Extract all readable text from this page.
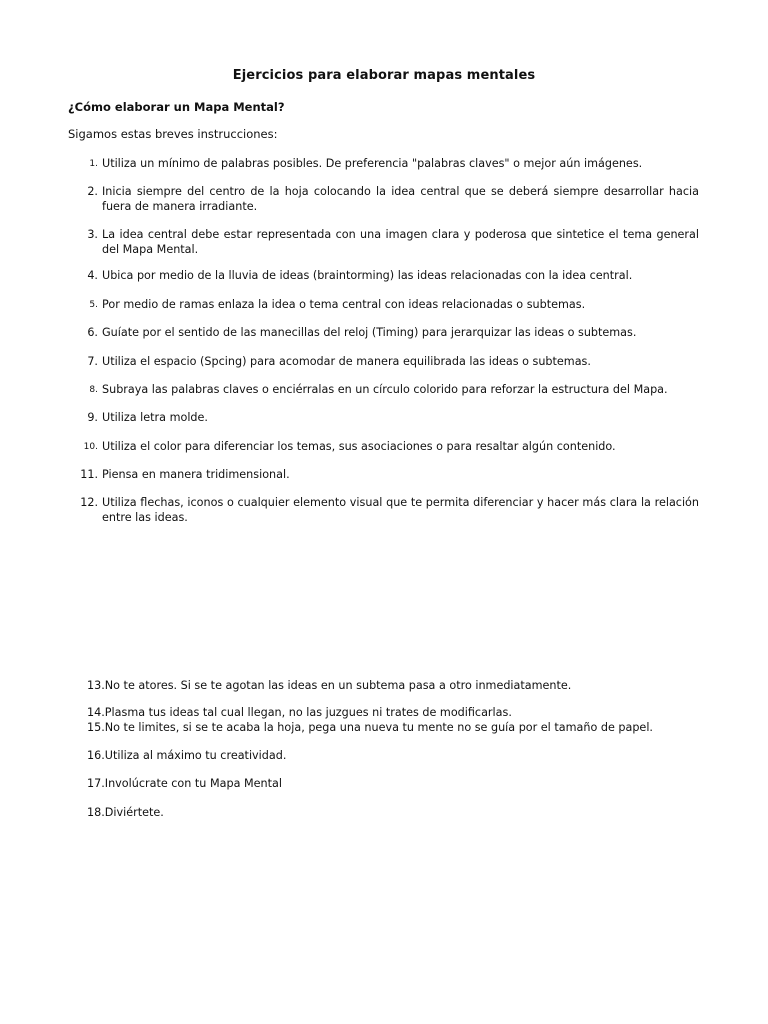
Ejercicios para elaborar mapas mentales
¿Cómo elaborar un Mapa Mental?
Sigamos estas breves instrucciones:
1. Utiliza un mínimo de palabras posibles. De preferencia "palabras claves" o mejor aún imágenes.
2. Inicia siempre del centro de la hoja colocando la idea central que se deberá siempre desarrollar hacia fuera de manera irradiante.
3. La idea central debe estar representada con una imagen clara y poderosa que sintetice el tema general del Mapa Mental.
4. Ubica por medio de la lluvia de ideas (braintorming) las ideas relacionadas con la idea central.
5. Por medio de ramas enlaza la idea o tema central con ideas relacionadas o subtemas.
6. Guíate por el sentido de las manecillas del reloj (Timing) para jerarquizar las ideas o subtemas.
7. Utiliza el espacio (Spcing) para acomodar de manera equilibrada las ideas o subtemas.
8. Subraya las palabras claves o enciérralas en un círculo colorido para reforzar la estructura del Mapa.
9. Utiliza letra molde.
10. Utiliza el color para diferenciar los temas, sus asociaciones o para resaltar algún contenido.
11. Piensa en manera tridimensional.
12. Utiliza flechas, iconos o cualquier elemento visual que te permita diferenciar y hacer más clara la relación entre las ideas.
13.No te atores. Si se te agotan las ideas en un subtema pasa a otro inmediatamente.
14.Plasma tus ideas tal cual llegan, no las juzgues ni trates de modificarlas.
15.No te limites, si se te acaba la hoja, pega una nueva tu mente no se guía por el tamaño de papel.
16.Utiliza al máximo tu creatividad.
17.Involúcrate con tu Mapa Mental
18.Diviértete.
